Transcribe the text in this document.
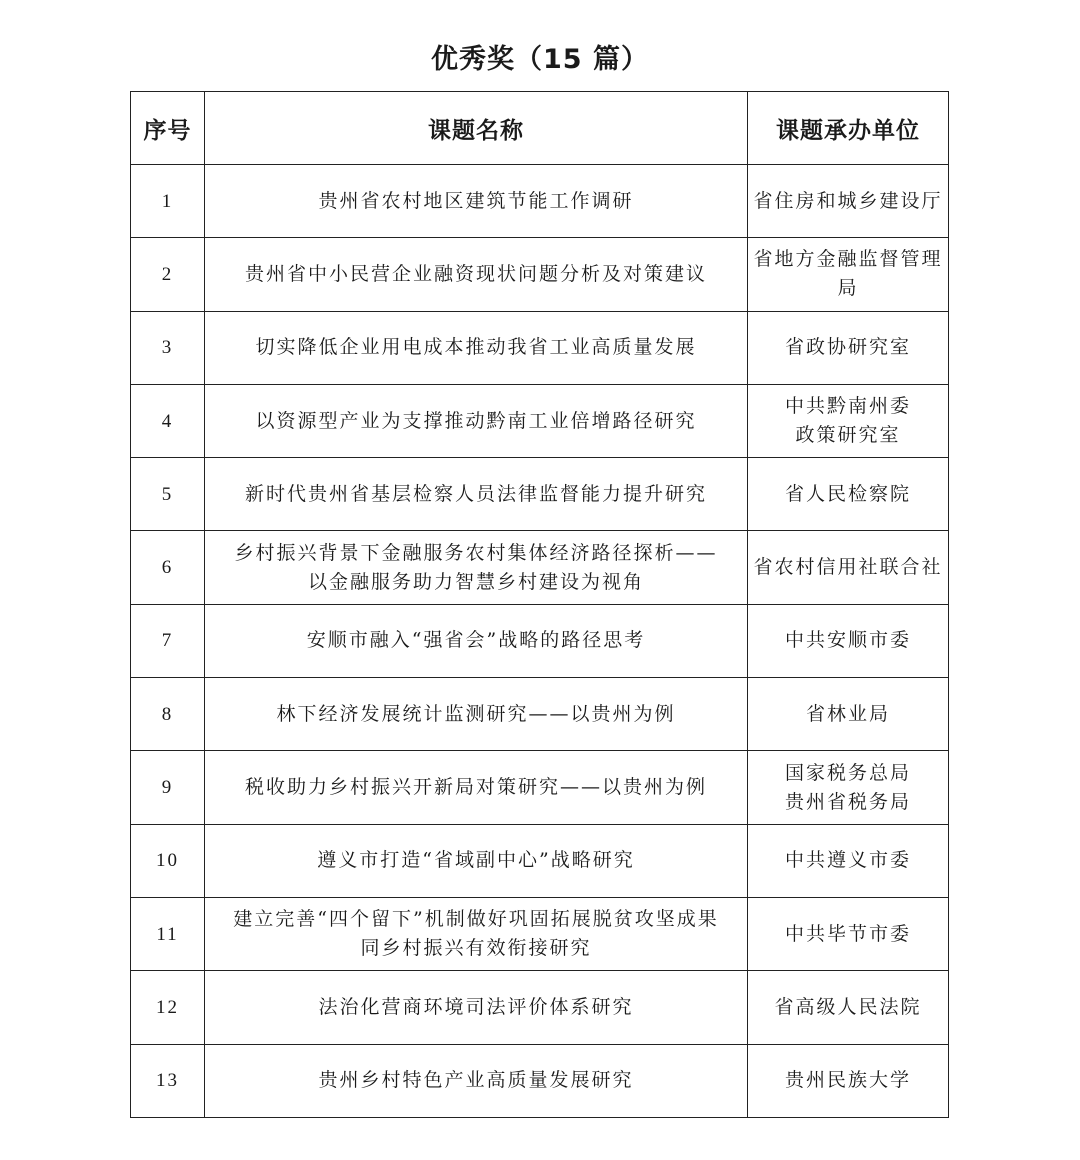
优秀奖（15 篇）
序号	课题名称	课题承办单位
1	贵州省农村地区建筑节能工作调研	省住房和城乡建设厅

2	贵州省中小民营企业融资现状问题分析及对策建议	省地方金融监督管理局

3	切实降低企业用电成本推动我省工业高质量发展	省政协研究室

4	以资源型产业为支撑推动黔南工业倍增路径研究	中共黔南州委
政策研究室

5	新时代贵州省基层检察人员法律监督能力提升研究	省人民检察院

6	乡村振兴背景下金融服务农村集体经济路径探析——
以金融服务助力智慧乡村建设为视角	省农村信用社联合社

7	安顺市融入“强省会”战略的路径思考	中共安顺市委

8	林下经济发展统计监测研究——以贵州为例	省林业局

9	税收助力乡村振兴开新局对策研究——以贵州为例	国家税务总局
贵州省税务局

10	遵义市打造“省域副中心”战略研究	中共遵义市委

11	建立完善“四个留下”机制做好巩固拓展脱贫攻坚成果
同乡村振兴有效衔接研究	中共毕节市委

12	法治化营商环境司法评价体系研究	省高级人民法院

13	贵州乡村特色产业高质量发展研究	贵州民族大学
